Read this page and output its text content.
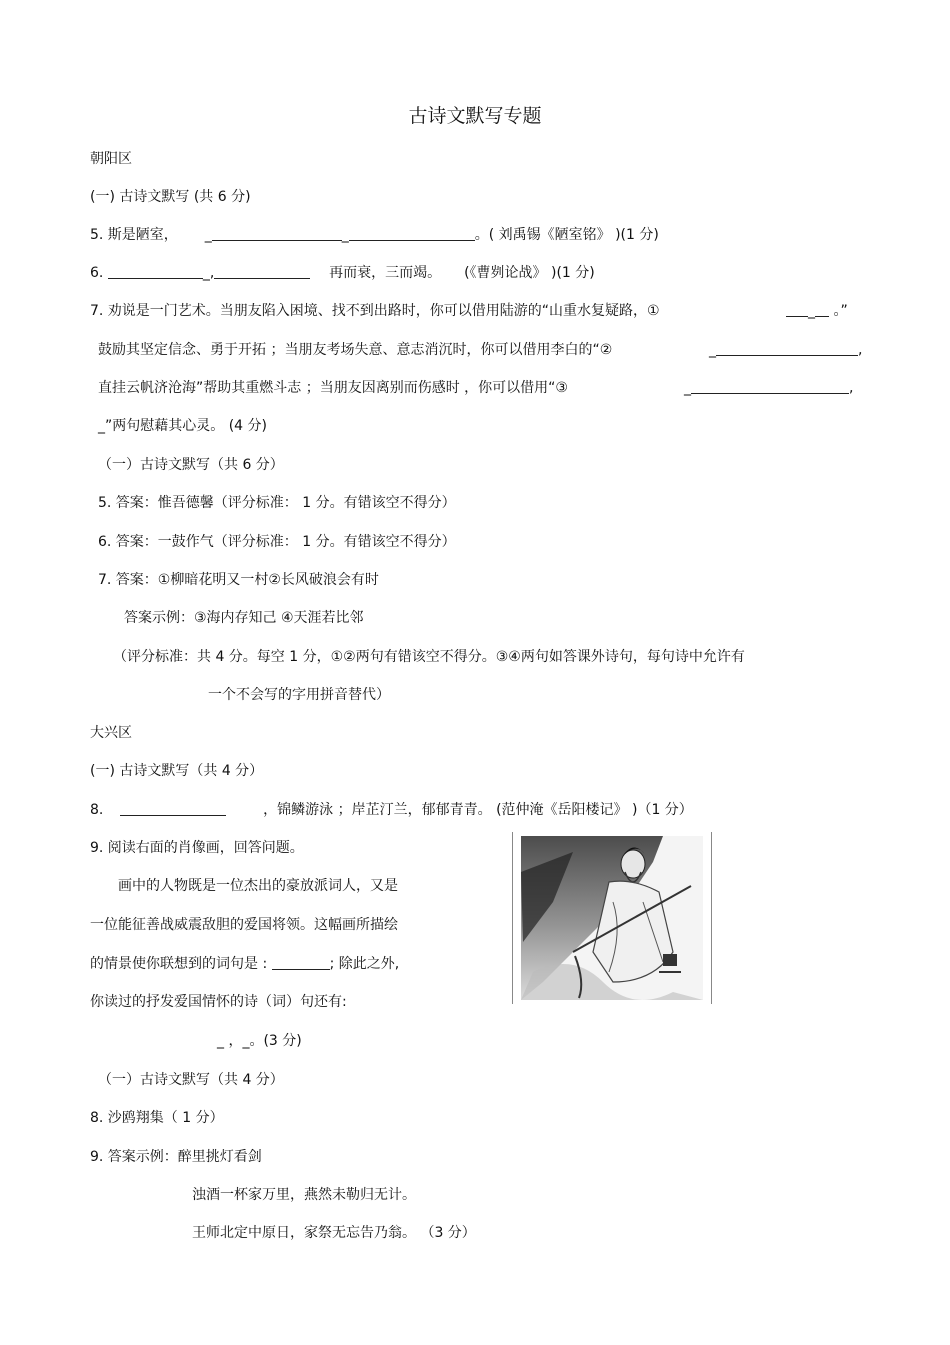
古诗文默写专题
朝阳区
(一) 古诗文默写 (共 6 分)
5. 斯是陋室， _	_	。( 刘禹锡《陋室铭》 )(1 分)
6.	_,	再而衰，三而竭。 (《曹刿论战》 )(1 分)
7. 劝说是一门艺术。当朋友陷入困境、找不到出路时，你可以借用陆游的“山重水复疑路，①	_ 。”
鼓励其坚定信念、勇于开拓 ；当朋友考场失意、意志消沉时，你可以借用李白的“②	_	,
直挂云帆济沧海”帮助其重燃斗志 ；当朋友因离别而伤感时 ，你可以借用“③	_	,
_”两句慰藉其心灵。 (4 分)
（一）古诗文默写（共 6 分）
5. 答案：惟吾德馨（评分标准： 1 分。有错该空不得分）
6. 答案：一鼓作气（评分标准： 1 分。有错该空不得分）
7. 答案：①柳暗花明又一村②长风破浪会有时
答案示例：③海内存知己 ④天涯若比邻
（评分标准：共 4 分。每空 1 分，①②两句有错该空不得分。③④两句如答课外诗句，每句诗中允许有
一个不会写的字用拼音替代）
大兴区
(一) 古诗文默写（共 4 分）
8.	，锦鳞游泳 ；岸芷汀兰，郁郁青青。 (范仲淹《岳阳楼记》 )（1 分）
9. 阅读右面的肖像画，回答问题。
画中的人物既是一位杰出的豪放派词人，又是
一位能征善战威震敌胆的爱国将领。这幅画所描绘
的情景使你联想到的词句是 :	; 除此之外,
你读过的抒发爱国情怀的诗（词）句还有:
_ ，_。(3 分)
（一）古诗文默写（共 4 分）
8. 沙鸥翔集（ 1 分）
9. 答案示例：醉里挑灯看剑
浊酒一杯家万里，燕然未勒归无计。
王师北定中原日，家祭无忘告乃翁。 （3 分）
